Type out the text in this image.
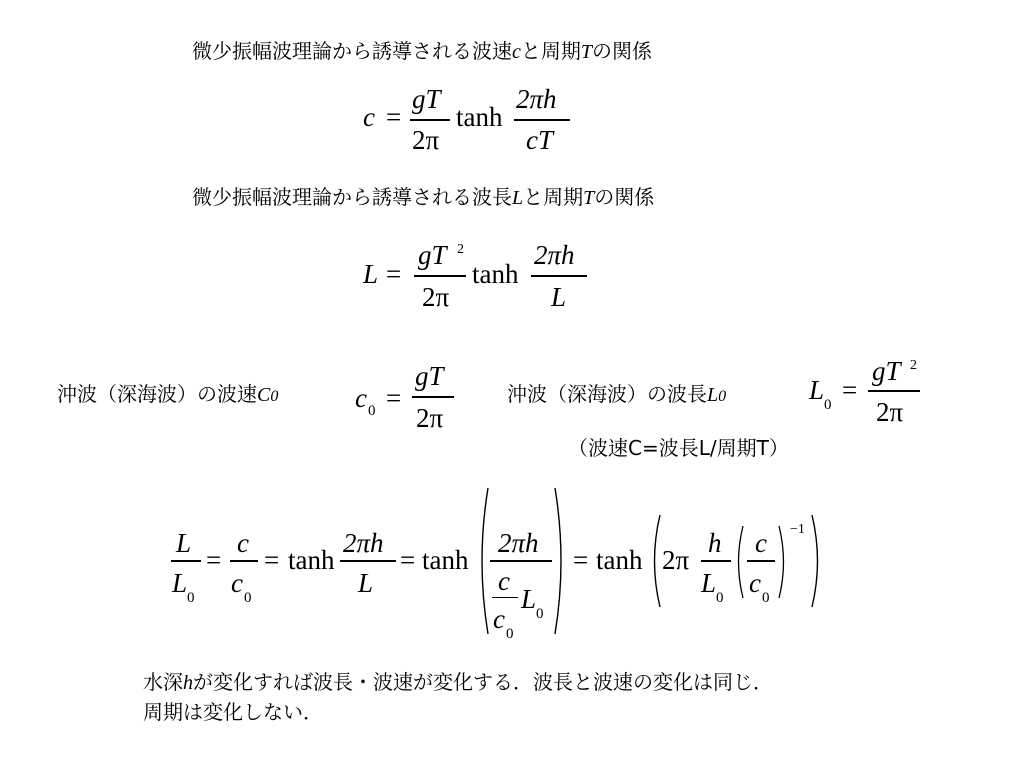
微少振幅波理論から誘導される波速cと周期Tの関係
c =
gT
2π
tanh
2πh
cT
微少振幅波理論から誘導される波長Lと周期Tの関係
L =
gT 2
2π
tanh
2πh
L
沖波（深海波）の波速C0	c 0 =
gT
2π
沖波（深海波）の波長L0	L 0 =
gT 2
2π
（波速C=波長L/周期T）
L
L 0
=
c
c 0
= tanh
2πh
L
= tanh
2πh
c
c 0
L 0
= tanh 2π
h
L 0
c
c 0
−1
水深hが変化すれば波長・波速が変化する．波長と波速の変化は同じ．
周期は変化しない．
